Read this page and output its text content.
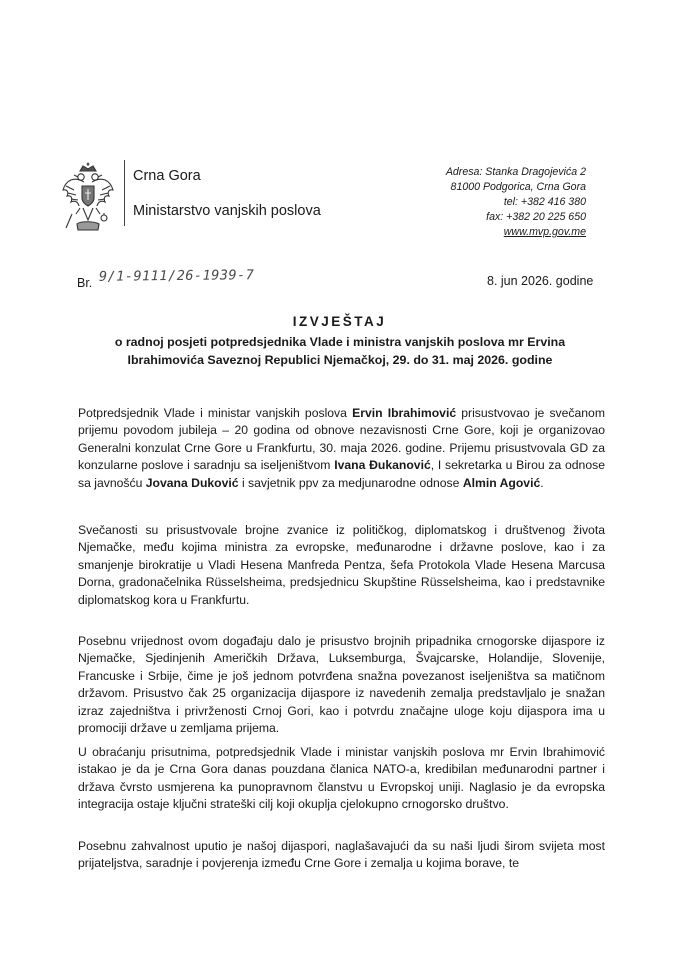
Crna Gora
Ministarstvo vanjskih poslova
Adresa: Stanka Dragojevića 2
81000 Podgorica, Crna Gora
tel: +382 416 380
fax: +382 20 225 650
www.mvp.gov.me
Br. 9/1-9111/26-1939-7	8. jun 2026. godine
IZVJEŠTAJ
o radnoj posjeti potpredsjednika Vlade i ministra vanjskih poslova mr Ervina
Ibrahimovića Saveznoj Republici Njemačkoj, 29. do 31. maj 2026. godine
Potpredsjednik Vlade i ministar vanjskih poslova Ervin Ibrahimović prisustvovao je svečanom prijemu povodom jubileja – 20 godina od obnove nezavisnosti Crne Gore, koji je organizovao Generalni konzulat Crne Gore u Frankfurtu, 30. maja 2026. godine. Prijemu prisustvovala GD za konzularne poslove i saradnju sa iseljeništvom Ivana Đukanović, I sekretarka u Birou za odnose sa javnošću Jovana Duković i savjetnik ppv za medjunarodne odnose Almin Agović.
Svečanosti su prisustvovale brojne zvanice iz političkog, diplomatskog i društvenog života Njemačke, među kojima ministra za evropske, međunarodne i državne poslove, kao i za smanjenje birokratije u Vladi Hesena Manfreda Pentza, šefa Protokola Vlade Hesena Marcusa Dorna, gradonačelnika Rüsselsheima, predsjednicu Skupštine Rüsselsheima, kao i predstavnike diplomatskog kora u Frankfurtu.
Posebnu vrijednost ovom događaju dalo je prisustvo brojnih pripadnika crnogorske dijaspore iz Njemačke, Sjedinjenih Američkih Država, Luksemburga, Švajcarske, Holandije, Slovenije, Francuske i Srbije, čime je još jednom potvrđena snažna povezanost iseljeništva sa matičnom državom. Prisustvo čak 25 organizacija dijaspore iz navedenih zemalja predstavljalo je snažan izraz zajedništva i privrženosti Crnoj Gori, kao i potvrdu značajne uloge koju dijaspora ima u promociji države u zemljama prijema.
U obraćanju prisutnima, potpredsjednik Vlade i ministar vanjskih poslova mr Ervin Ibrahimović istakao je da je Crna Gora danas pouzdana članica NATO-a, kredibilan međunarodni partner i država čvrsto usmjerena ka punopravnom članstvu u Evropskoj uniji. Naglasio je da evropska integracija ostaje ključni strateški cilj koji okuplja cjelokupno crnogorsko društvo.
Posebnu zahvalnost uputio je našoj dijaspori, naglašavajući da su naši ljudi širom svijeta most prijateljstva, saradnje i povjerenja između Crne Gore i zemalja u kojima borave, te
